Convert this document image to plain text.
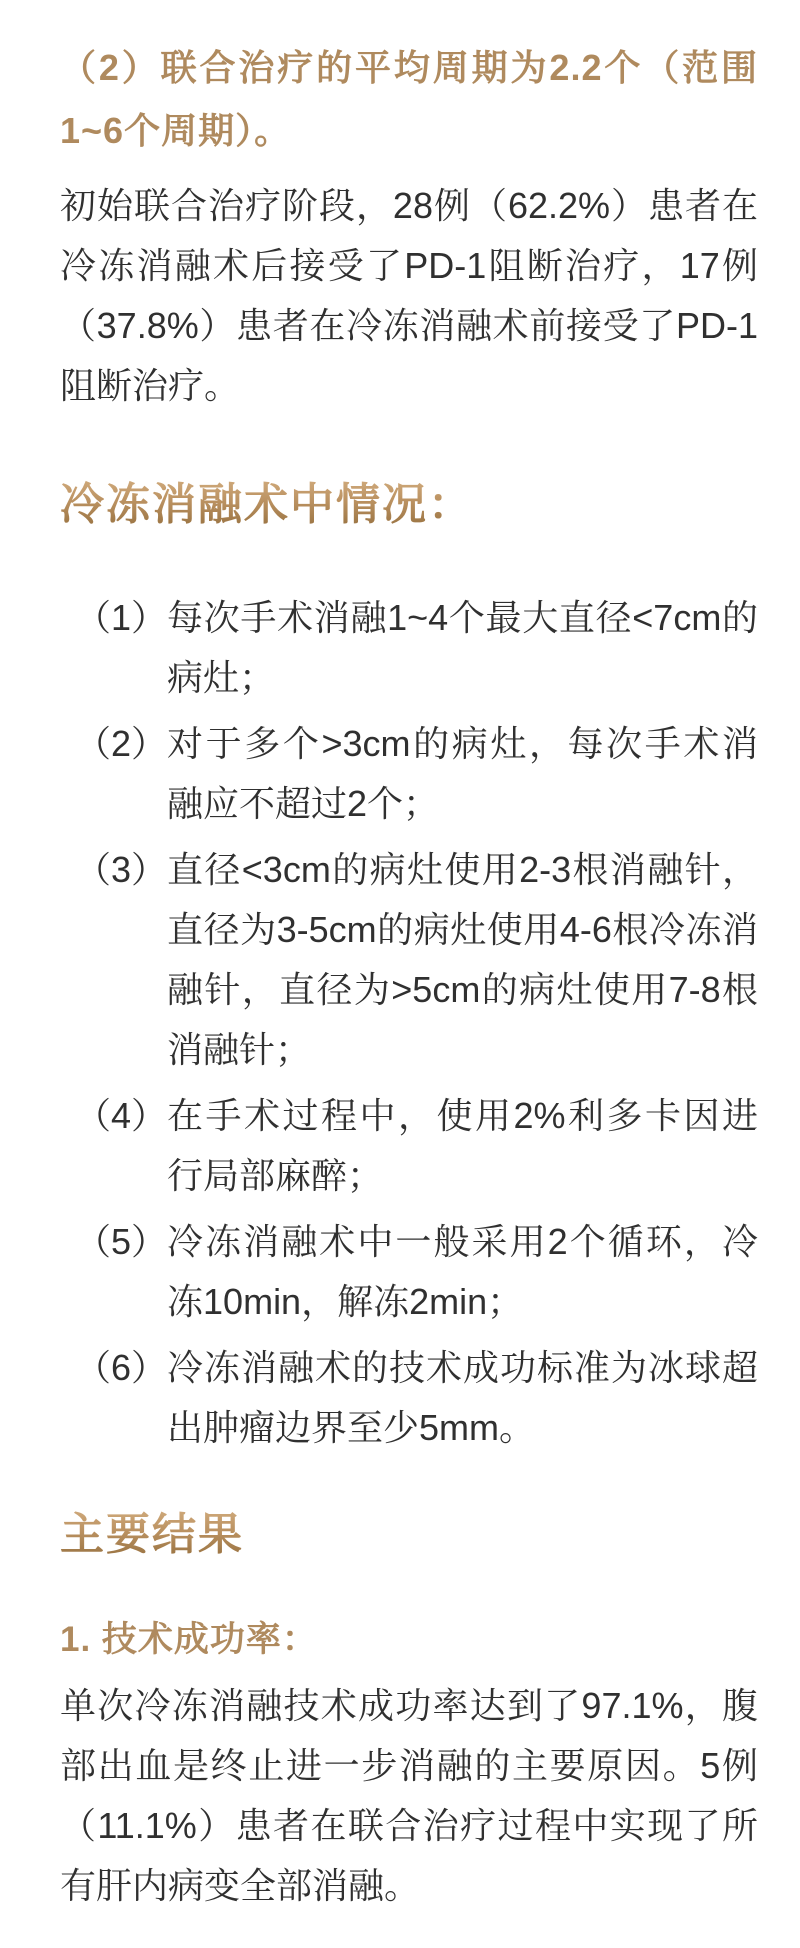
（2）联合治疗的平均周期为2.2个（范围1~6个周期）。

初始联合治疗阶段，28例（62.2%）患者在冷冻消融术后接受了PD-1阻断治疗，17例（37.8%）患者在冷冻消融术前接受了PD-1阻断治疗。

冷冻消融术中情况：
（1） 每次手术消融1~4个最大直径<7cm的病灶；
（2） 对于多个>3cm的病灶，每次手术消融应不超过2个；
（3） 直径<3cm的病灶使用2-3根消融针，直径为3-5cm的病灶使用4-6根冷冻消融针，直径为>5cm的病灶使用7-8根消融针；
（4） 在手术过程中，使用2%利多卡因进行局部麻醉；
（5） 冷冻消融术中一般采用2个循环，冷冻10min，解冻2min；
（6） 冷冻消融术的技术成功标准为冰球超出肿瘤边界至少5mm。
主要结果
1. 技术成功率：

单次冷冻消融技术成功率达到了97.1%，腹部出血是终止进一步消融的主要原因。5例（11.1%）患者在联合治疗过程中实现了所有肝内病变全部消融。
